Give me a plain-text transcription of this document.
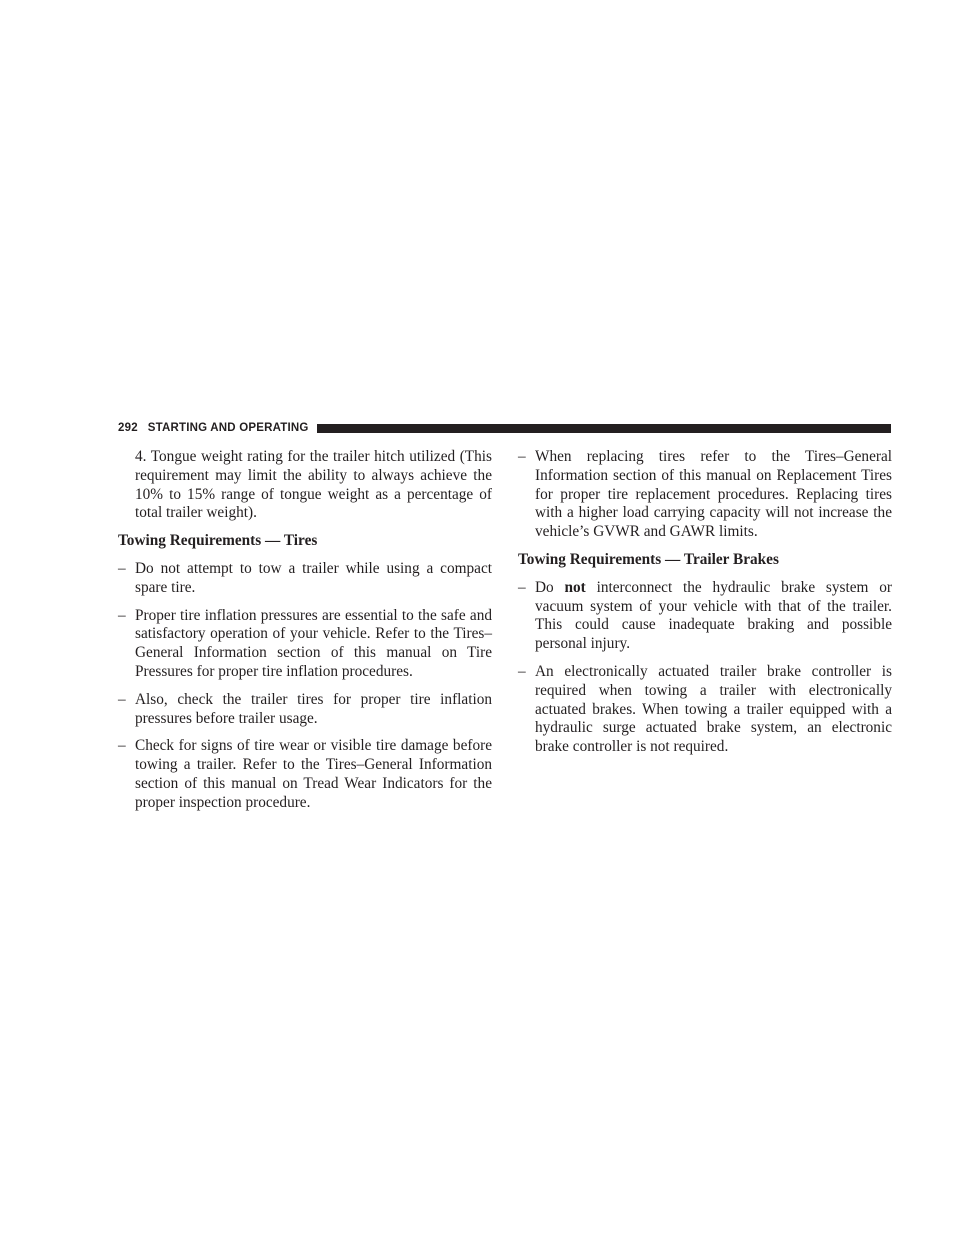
292 STARTING AND OPERATING

4. Tongue weight rating for the trailer hitch utilized (This requirement may limit the ability to always achieve the 10% to 15% range of tongue weight as a percentage of total trailer weight).

Towing Requirements — Tires

– Do not attempt to tow a trailer while using a compact spare tire.
– Proper tire inflation pressures are essential to the safe and satisfactory operation of your vehicle. Refer to the Tires–General Information section of this manual on Tire Pressures for proper tire inflation procedures.
– Also, check the trailer tires for proper tire inflation pressures before trailer usage.
– Check for signs of tire wear or visible tire damage before towing a trailer. Refer to the Tires–General Information section of this manual on Tread Wear Indicators for the proper inspection procedure.
– When replacing tires refer to the Tires–General Information section of this manual on Replacement Tires for proper tire replacement procedures. Replacing tires with a higher load carrying capacity will not increase the vehicle’s GVWR and GAWR limits.

Towing Requirements — Trailer Brakes

– Do not interconnect the hydraulic brake system or vacuum system of your vehicle with that of the trailer. This could cause inadequate braking and possible personal injury.
– An electronically actuated trailer brake controller is required when towing a trailer with electronically actuated brakes. When towing a trailer equipped with a hydraulic surge actuated brake system, an electronic brake controller is not required.
